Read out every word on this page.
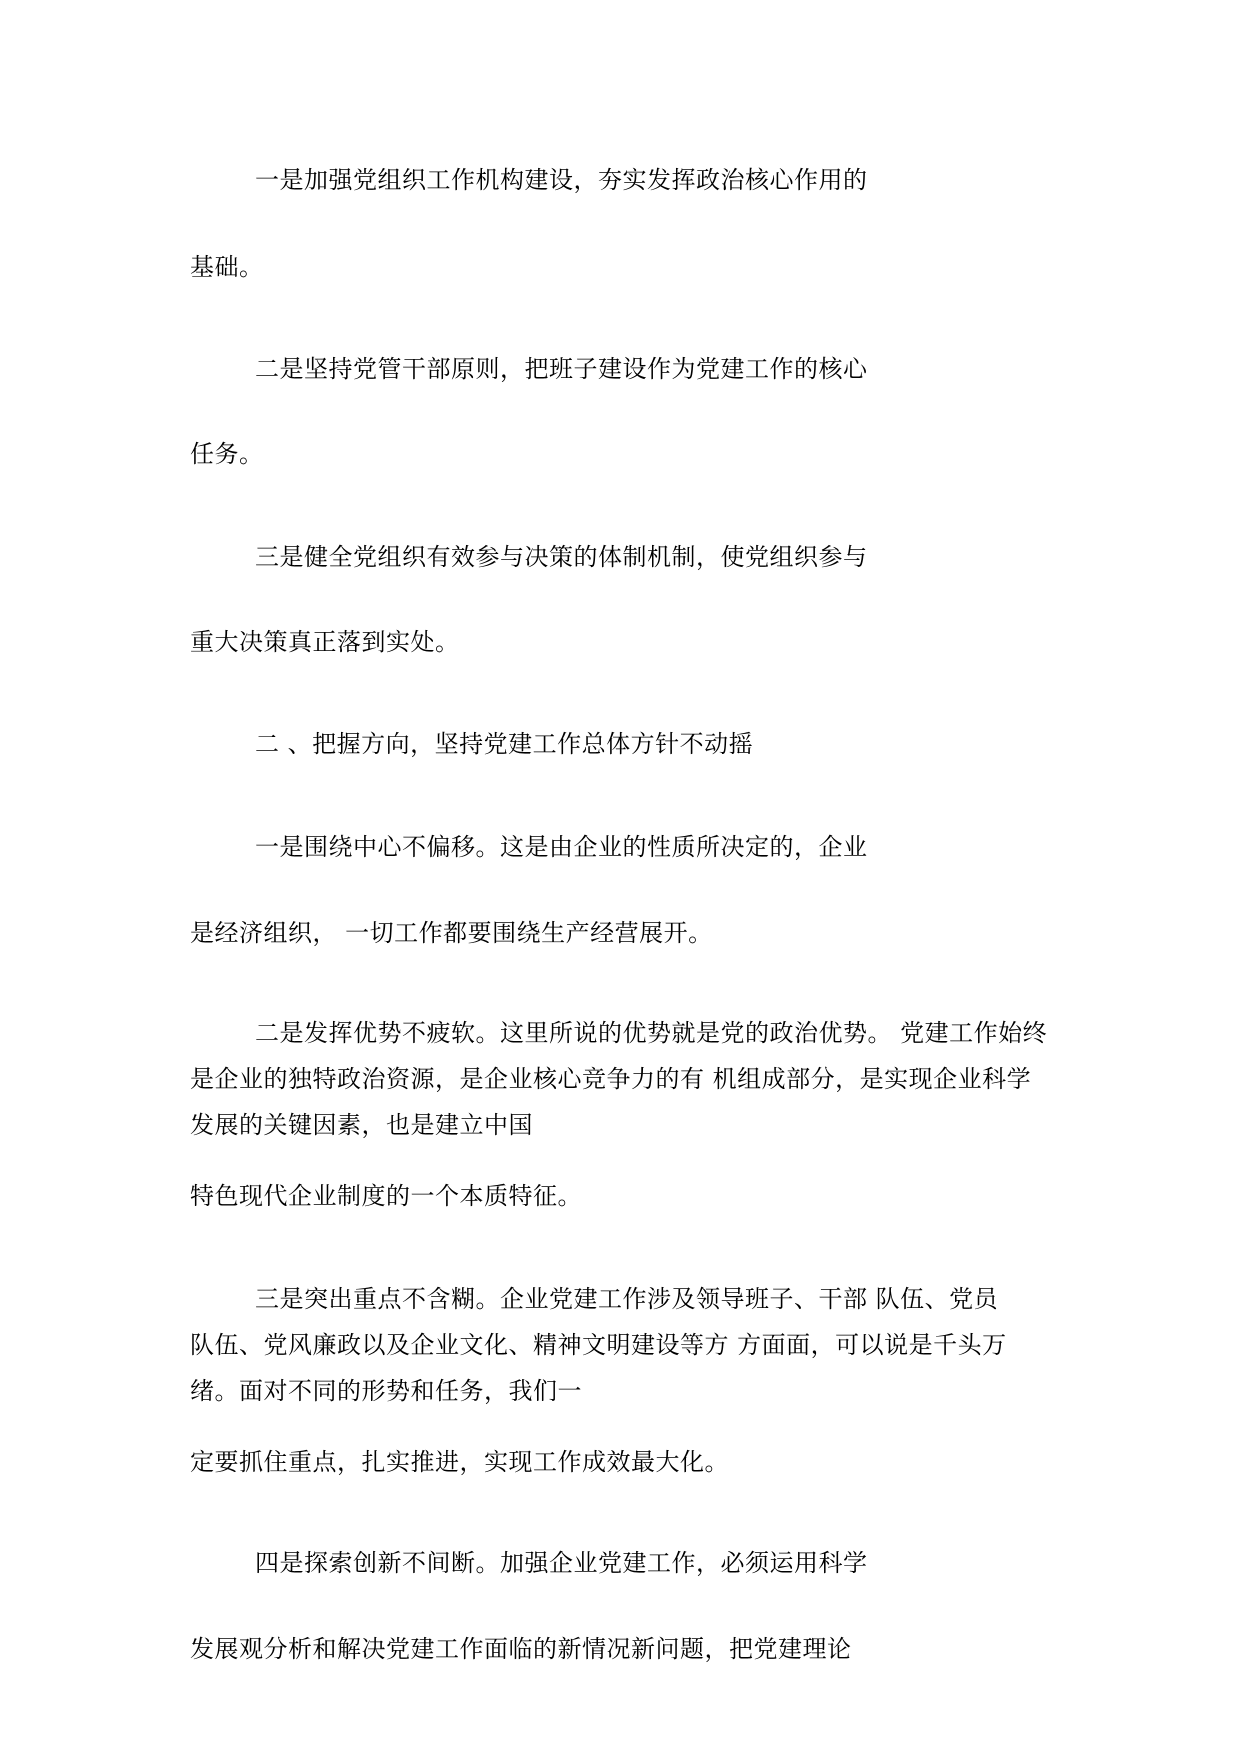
一是加强党组织工作机构建设，夯实发挥政治核心作用的
基础。
二是坚持党管干部原则，把班子建设作为党建工作的核心
任务。
三是健全党组织有效参与决策的体制机制，使党组织参与
重大决策真正落到实处。
二 、把握方向，坚持党建工作总体方针不动摇
一是围绕中心不偏移。这是由企业的性质所决定的，企业
是经济组织， 一切工作都要围绕生产经营展开。
二是发挥优势不疲软。这里所说的优势就是党的政治优势。 党建工作始终
是企业的独特政治资源，是企业核心竞争力的有 机组成部分，是实现企业科学
发展的关键因素，也是建立中国
特色现代企业制度的一个本质特征。
三是突出重点不含糊。企业党建工作涉及领导班子、干部 队伍、党员
队伍、党风廉政以及企业文化、精神文明建设等方 方面面，可以说是千头万
绪。面对不同的形势和任务，我们一
定要抓住重点，扎实推进，实现工作成效最大化。
四是探索创新不间断。加强企业党建工作，必须运用科学
发展观分析和解决党建工作面临的新情况新问题，把党建理论
